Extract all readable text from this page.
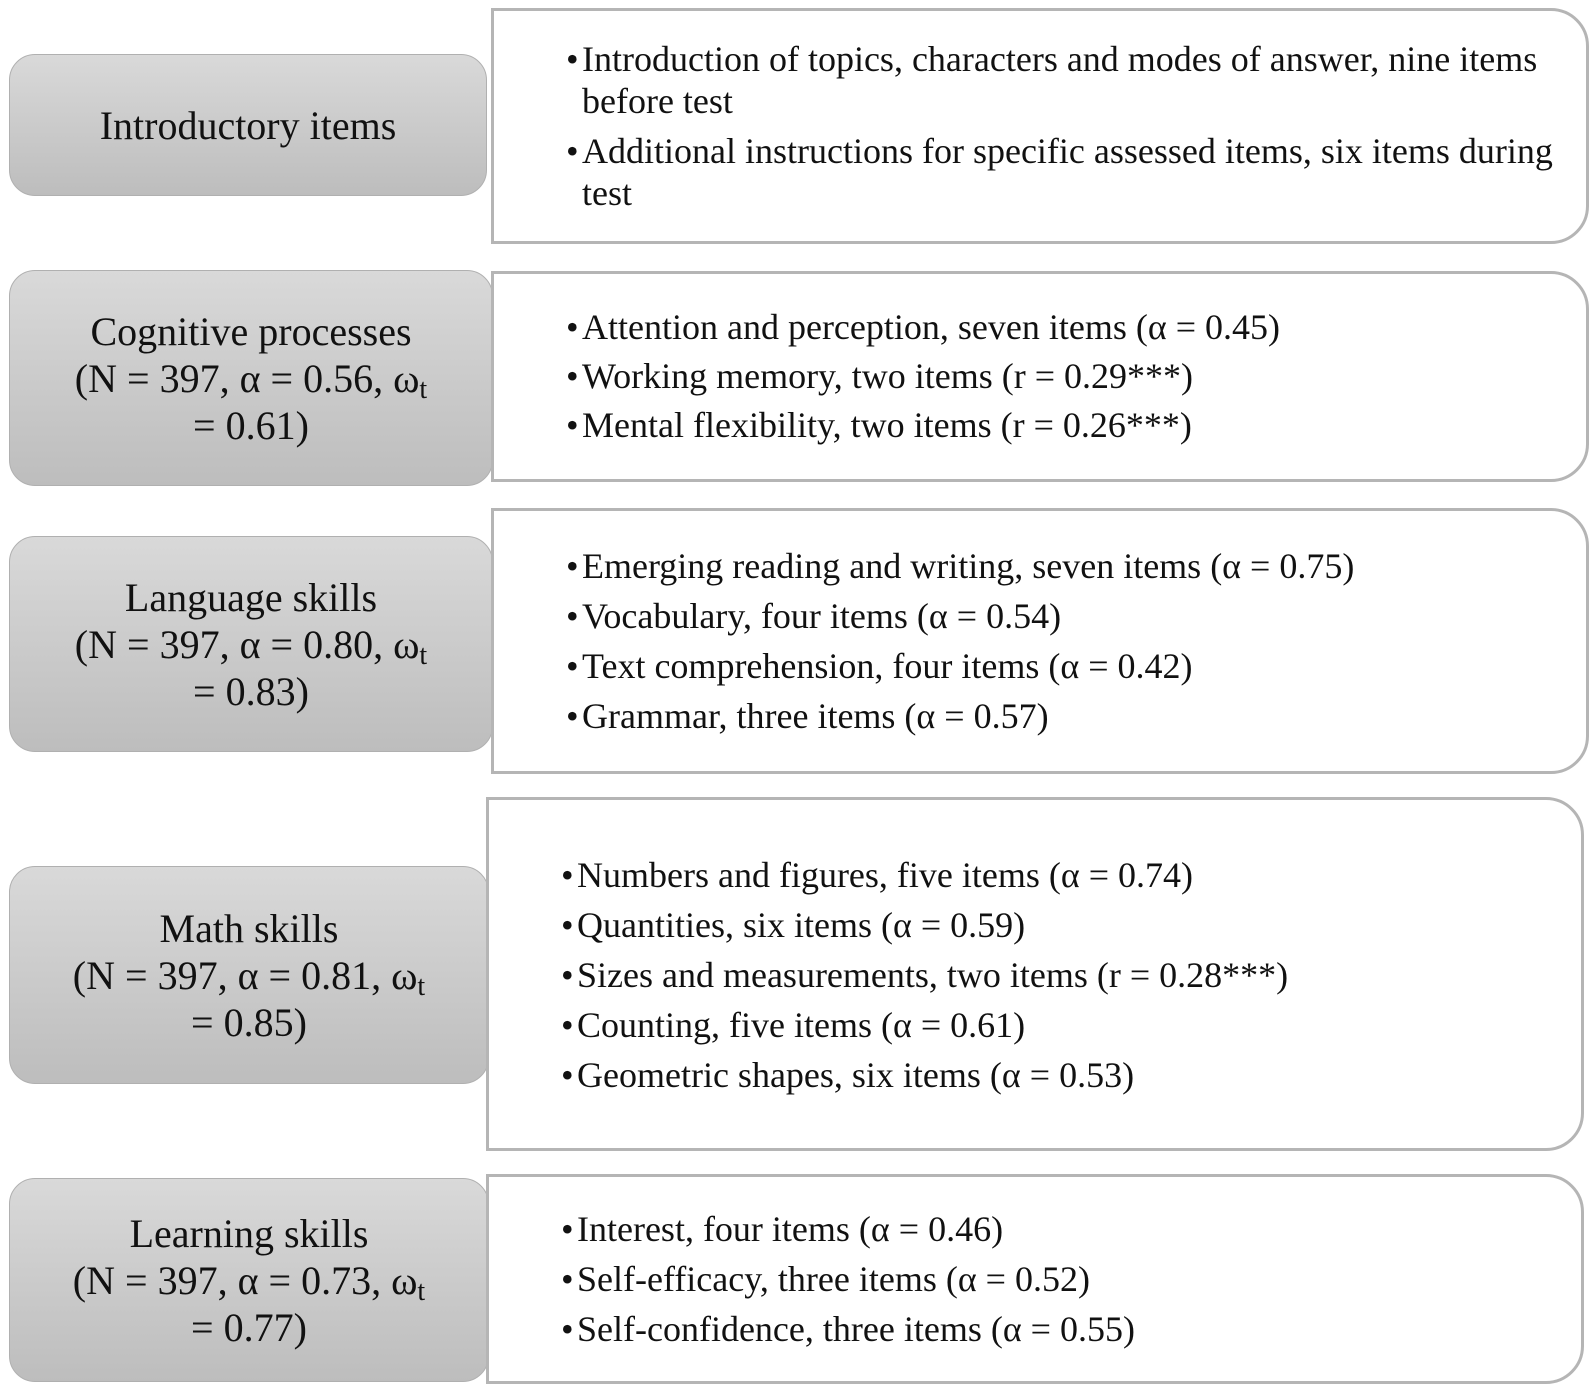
Introductory items
• Introduction of topics, characters and modes of answer, nine items before test
• Additional instructions for specific assessed items, six items during test
Cognitive processes
(N = 397, α = 0.56, $\omega_t$
= 0.61)
• Attention and perception, seven items (α = 0.45)
• Working memory, two items (r = 0.29***)
• Mental flexibility, two items (r = 0.26***)
Language skills
(N = 397, α = 0.80, $\omega_t$
= 0.83)
• Emerging reading and writing, seven items (α = 0.75)
• Vocabulary, four items (α = 0.54)
• Text comprehension, four items (α = 0.42)
• Grammar, three items (α = 0.57)
Math skills
(N = 397, α = 0.81, $\omega_t$
= 0.85)
• Numbers and figures, five items (α = 0.74)
• Quantities, six items (α = 0.59)
• Sizes and measurements, two items (r = 0.28***)
• Counting, five items (α = 0.61)
• Geometric shapes, six items (α = 0.53)
Learning skills
(N = 397, α = 0.73, $\omega_t$
= 0.77)
• Interest, four items (α = 0.46)
• Self-efficacy, three items (α = 0.52)
• Self-confidence, three items (α = 0.55)
